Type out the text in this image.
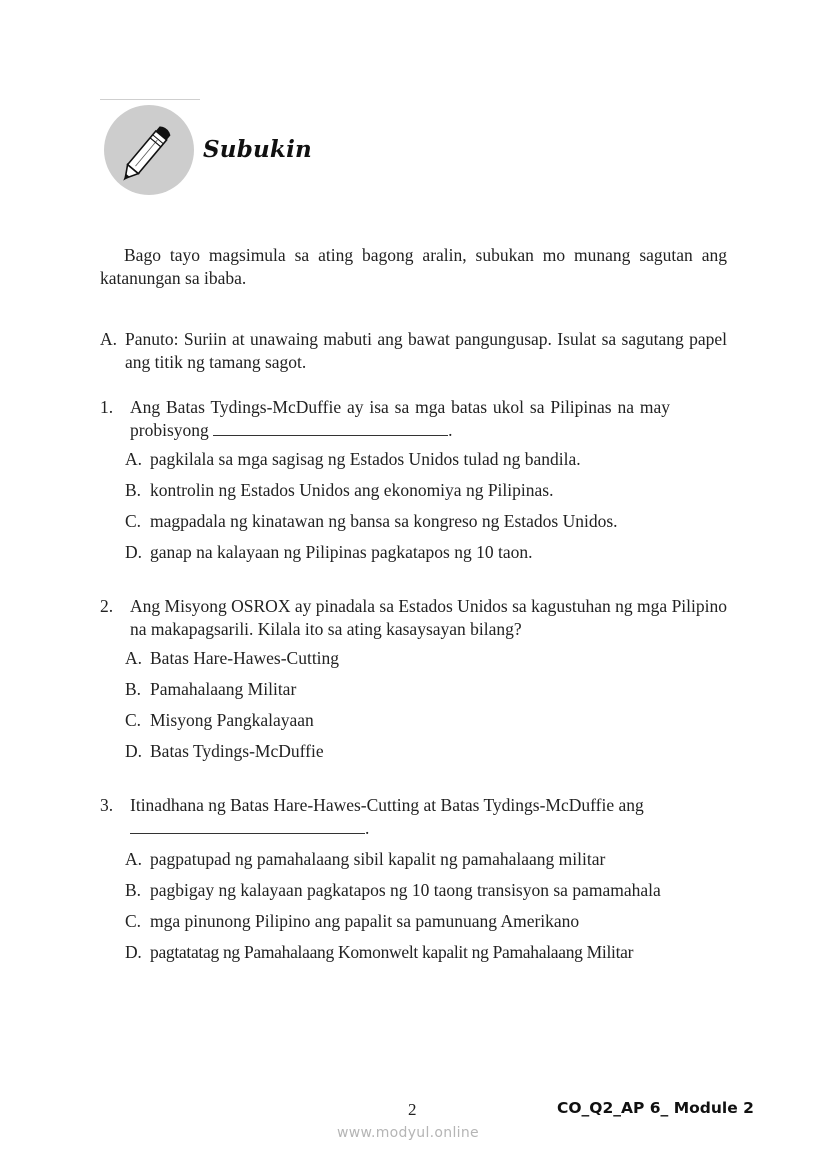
Subukin
Bago tayo magsimula sa ating bagong aralin, subukan mo munang sagutan ang katanungan sa ibaba.
A. Panuto: Suriin at unawaing mabuti ang bawat pangungusap. Isulat sa sagutang papel ang titik ng tamang sagot.
1. Ang Batas Tydings-McDuffie ay isa sa mga batas ukol sa Pilipinas na may probisyong	.
A. pagkilala sa mga sagisag ng Estados Unidos tulad ng bandila.
B. kontrolin ng Estados Unidos ang ekonomiya ng Pilipinas.
C. magpadala ng kinatawan ng bansa sa kongreso ng Estados Unidos.
D. ganap na kalayaan ng Pilipinas pagkatapos ng 10 taon.
2. Ang Misyong OSROX ay pinadala sa Estados Unidos sa kagustuhan ng mga Pilipino na makapagsarili. Kilala ito sa ating kasaysayan bilang?
A. Batas Hare-Hawes-Cutting
B. Pamahalaang Militar
C. Misyong Pangkalayaan
D. Batas Tydings-McDuffie
3. Itinadhana ng Batas Hare-Hawes-Cutting at Batas Tydings-McDuffie ang
.
A. pagpatupad ng pamahalaang sibil kapalit ng pamahalaang militar
B. pagbigay ng kalayaan pagkatapos ng 10 taong transisyon sa pamamahala
C. mga pinunong Pilipino ang papalit sa pamunuang Amerikano
D. pagtatatag ng Pamahalaang Komonwelt kapalit ng Pamahalaang Militar
2	CO_Q2_AP 6_ Module 2
www.modyul.online
